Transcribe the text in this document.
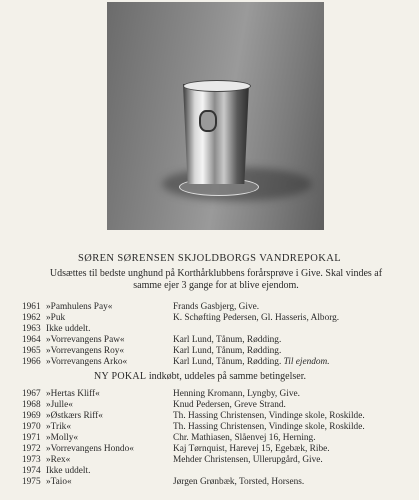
SØREN SØRENSEN SKJOLDBORGS VANDREPOKAL
Udsættes til bedste unghund på Korthårklubbens forårsprøve i Give. Skal vindes af
samme ejer 3 gange for at blive ejendom.
1961 »Pamhulens Pay«	Frands Gasbjerg, Give.
1962 »Puk	K. Schøfting Pedersen, Gl. Hasseris, Alborg.
1963 Ikke uddelt.
1964 »Vorrevangens Paw«	Karl Lund, Tånum, Rødding.
1965 »Vorrevangens Roy«	Karl Lund, Tånum, Rødding.
1966 »Vorrevangens Arko«	Karl Lund, Tånum, Rødding. Til ejendom.
NY POKAL indkøbt, uddeles på samme betingelser.
1967 »Hertas Kliff«	Henning Kromann, Lyngby, Give.
1968 »Julle«	Knud Pedersen, Greve Strand.
1969 »Østkærs Riff«	Th. Hassing Christensen, Vindinge skole, Roskilde.
1970 »Trik«	Th. Hassing Christensen, Vindinge skole, Roskilde.
1971 »Molly«	Chr. Mathiasen, Slåenvej 16, Herning.
1972 »Vorrevangens Hondo«	Kaj Tørnquist, Harevej 15, Egebæk, Ribe.
1973 »Rex«	Mehder Christensen, Ullerupgård, Give.
1974 Ikke uddelt.
1975 »Taio«	Jørgen Grønbæk, Torsted, Horsens.
